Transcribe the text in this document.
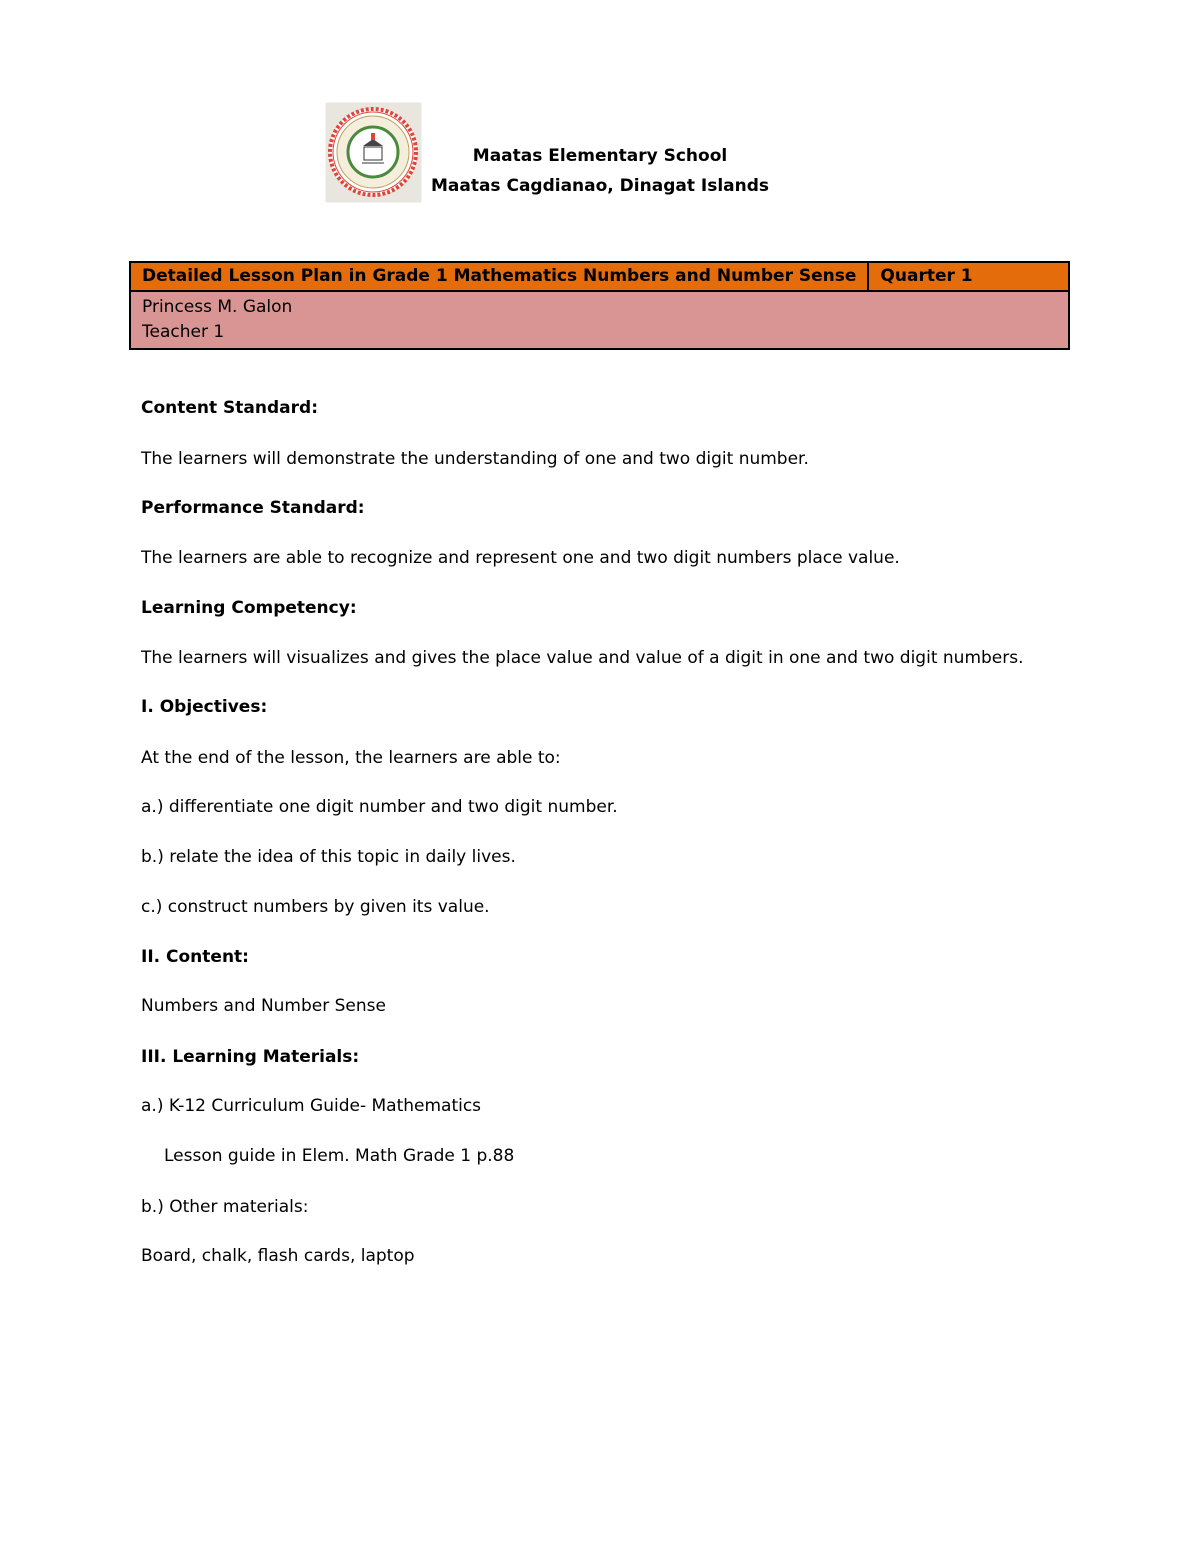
Maatas Elementary School
Maatas Cagdianao, Dinagat Islands
Detailed Lesson Plan in Grade 1 Mathematics Numbers and Number Sense	Quarter 1

Princess M. Galon
Teacher 1
Content Standard:
The learners will demonstrate the understanding of one and two digit number.
Performance Standard:
The learners are able to recognize and represent one and two digit numbers place value.
Learning Competency:
The learners will visualizes and gives the place value and value of a digit in one and two digit numbers.
I. Objectives:
At the end of the lesson, the learners are able to:
a.) differentiate one digit number and two digit number.
b.) relate the idea of this topic in daily lives.
c.) construct numbers by given its value.
II. Content:
Numbers and Number Sense
III. Learning Materials:
a.) K-12 Curriculum Guide- Mathematics
Lesson guide in Elem. Math Grade 1 p.88
b.) Other materials:
Board, chalk, flash cards, laptop
